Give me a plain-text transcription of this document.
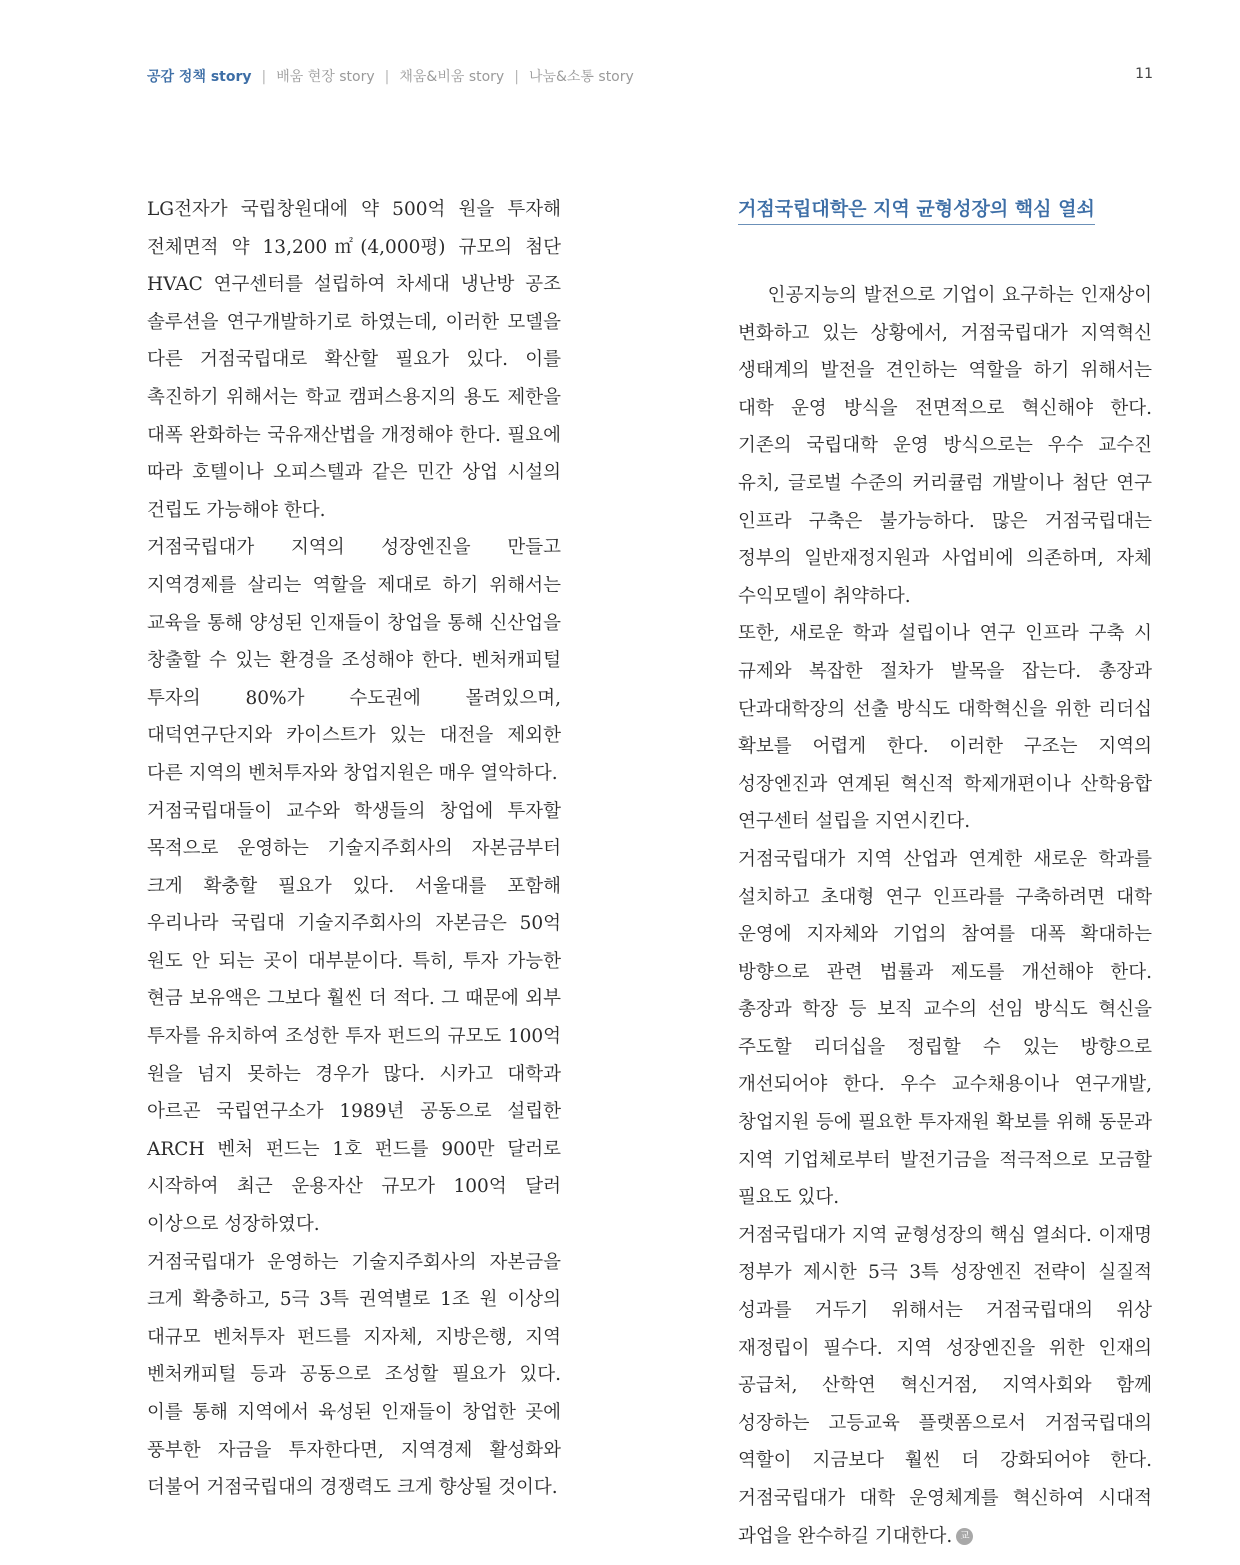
공감 정책 story | 배움 현장 story | 채움&비움 story | 나눔&소통 story	11

LG전자가 국립창원대에 약 500억 원을 투자해 전체면적 약 13,200㎡(4,000평) 규모의 첨단 HVAC 연구센터를 설립하여 차세대 냉난방 공조 솔루션을 연구개발하기로 하였는데, 이러한 모델을 다른 거점국립대로 확산할 필요가 있다. 이를 촉진하기 위해서는 학교 캠퍼스용지의 용도 제한을 대폭 완화하는 국유재산법을 개정해야 한다. 필요에 따라 호텔이나 오피스텔과 같은 민간 상업 시설의 건립도 가능해야 한다.

거점국립대가 지역의 성장엔진을 만들고 지역경제를 살리는 역할을 제대로 하기 위해서는 교육을 통해 양성된 인재들이 창업을 통해 신산업을 창출할 수 있는 환경을 조성해야 한다. 벤처캐피털 투자의 80%가 수도권에 몰려있으며, 대덕연구단지와 카이스트가 있는 대전을 제외한 다른 지역의 벤처투자와 창업지원은 매우 열악하다.

거점국립대들이 교수와 학생들의 창업에 투자할 목적으로 운영하는 기술지주회사의 자본금부터 크게 확충할 필요가 있다. 서울대를 포함해 우리나라 국립대 기술지주회사의 자본금은 50억 원도 안 되는 곳이 대부분이다. 특히, 투자 가능한 현금 보유액은 그보다 훨씬 더 적다. 그 때문에 외부 투자를 유치하여 조성한 투자 펀드의 규모도 100억 원을 넘지 못하는 경우가 많다. 시카고 대학과 아르곤 국립연구소가 1989년 공동으로 설립한 ARCH 벤처 펀드는 1호 펀드를 900만 달러로 시작하여 최근 운용자산 규모가 100억 달러 이상으로 성장하였다.

거점국립대가 운영하는 기술지주회사의 자본금을 크게 확충하고, 5극 3특 권역별로 1조 원 이상의 대규모 벤처투자 펀드를 지자체, 지방은행, 지역 벤처캐피털 등과 공동으로 조성할 필요가 있다. 이를 통해 지역에서 육성된 인재들이 창업한 곳에 풍부한 자금을 투자한다면, 지역경제 활성화와 더불어 거점국립대의 경쟁력도 크게 향상될 것이다.

거점국립대학은 지역 균형성장의 핵심 열쇠

인공지능의 발전으로 기업이 요구하는 인재상이 변화하고 있는 상황에서, 거점국립대가 지역혁신 생태계의 발전을 견인하는 역할을 하기 위해서는 대학 운영 방식을 전면적으로 혁신해야 한다. 기존의 국립대학 운영 방식으로는 우수 교수진 유치, 글로벌 수준의 커리큘럼 개발이나 첨단 연구 인프라 구축은 불가능하다. 많은 거점국립대는 정부의 일반재정지원과 사업비에 의존하며, 자체 수익모델이 취약하다.

또한, 새로운 학과 설립이나 연구 인프라 구축 시 규제와 복잡한 절차가 발목을 잡는다. 총장과 단과대학장의 선출 방식도 대학혁신을 위한 리더십 확보를 어렵게 한다. 이러한 구조는 지역의 성장엔진과 연계된 혁신적 학제개편이나 산학융합 연구센터 설립을 지연시킨다.

거점국립대가 지역 산업과 연계한 새로운 학과를 설치하고 초대형 연구 인프라를 구축하려면 대학 운영에 지자체와 기업의 참여를 대폭 확대하는 방향으로 관련 법률과 제도를 개선해야 한다. 총장과 학장 등 보직 교수의 선임 방식도 혁신을 주도할 리더십을 정립할 수 있는 방향으로 개선되어야 한다. 우수 교수채용이나 연구개발, 창업지원 등에 필요한 투자재원 확보를 위해 동문과 지역 기업체로부터 발전기금을 적극적으로 모금할 필요도 있다.

거점국립대가 지역 균형성장의 핵심 열쇠다. 이재명 정부가 제시한 5극 3특 성장엔진 전략이 실질적 성과를 거두기 위해서는 거점국립대의 위상 재정립이 필수다. 지역 성장엔진을 위한 인재의 공급처, 산학연 혁신거점, 지역사회와 함께 성장하는 고등교육 플랫폼으로서 거점국립대의 역할이 지금보다 훨씬 더 강화되어야 한다. 거점국립대가 대학 운영체계를 혁신하여 시대적 과업을 완수하길 기대한다. 교
